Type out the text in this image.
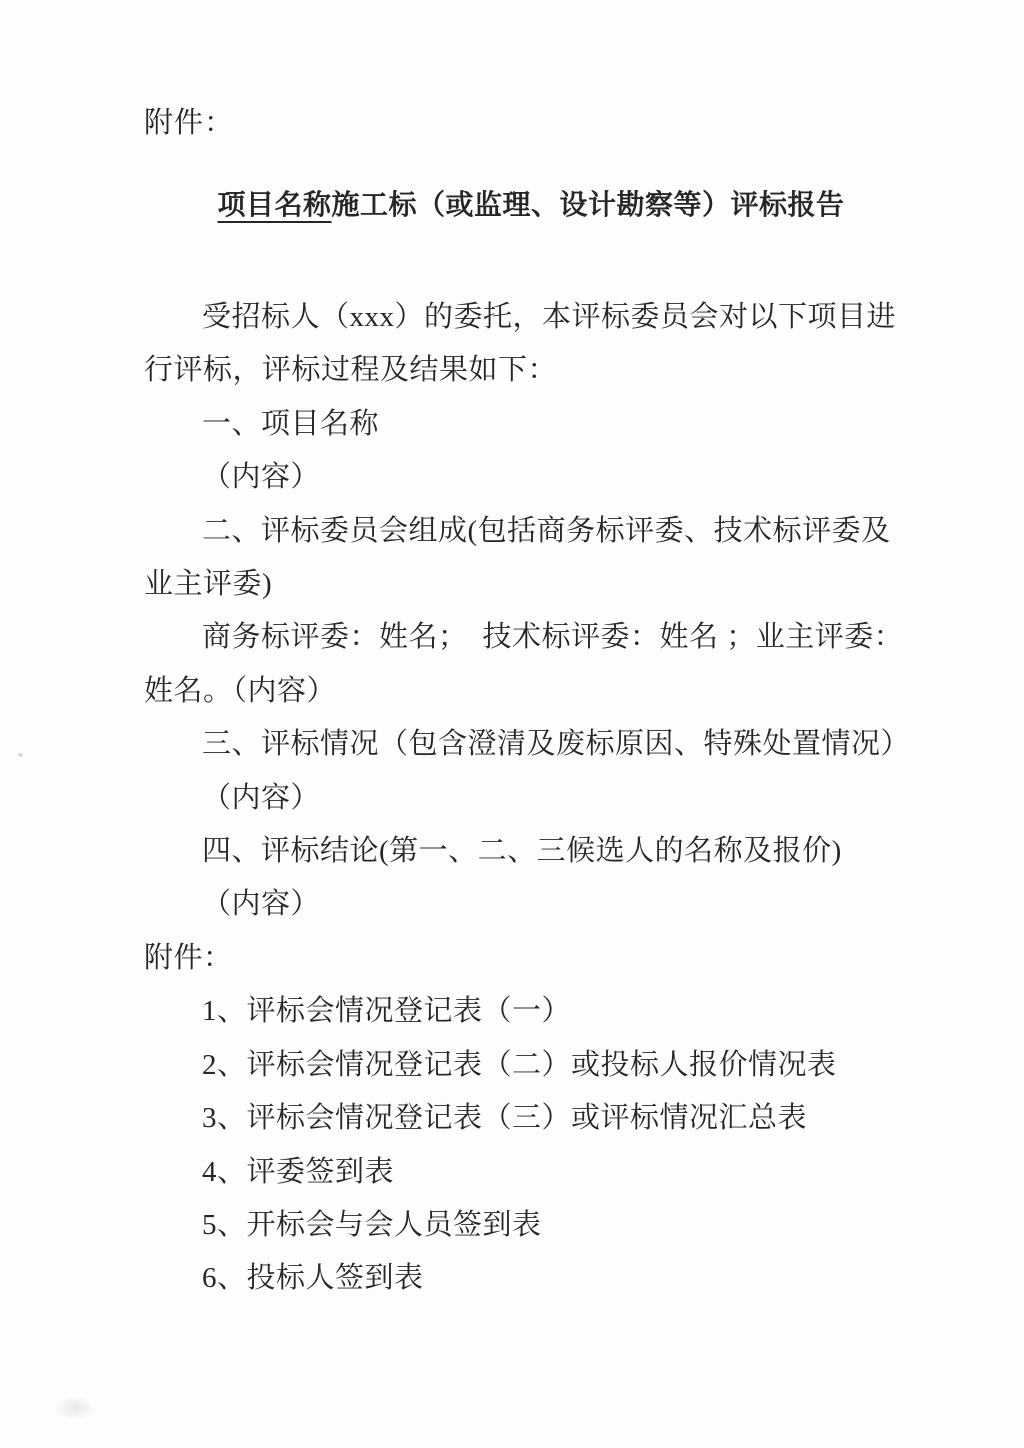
附件：
项目名称施工标（或监理、设计勘察等）评标报告

受招标人（xxx）的委托，本评标委员会对以下项目进

行评标，评标过程及结果如下：

一、项目名称

（内容）

二、评标委员会组成(包括商务标评委、技术标评委及

业主评委)

商务标评委：姓名；　技术标评委：姓名 ；业主评委：

姓名。（内容）

三、评标情况（包含澄清及废标原因、特殊处置情况）

（内容）

四、评标结论(第一、二、三候选人的名称及报价)

（内容）

附件：

1、评标会情况登记表（一）

2、评标会情况登记表（二）或投标人报价情况表

3、评标会情况登记表（三）或评标情况汇总表

4、评委签到表

5、开标会与会人员签到表

6、投标人签到表
